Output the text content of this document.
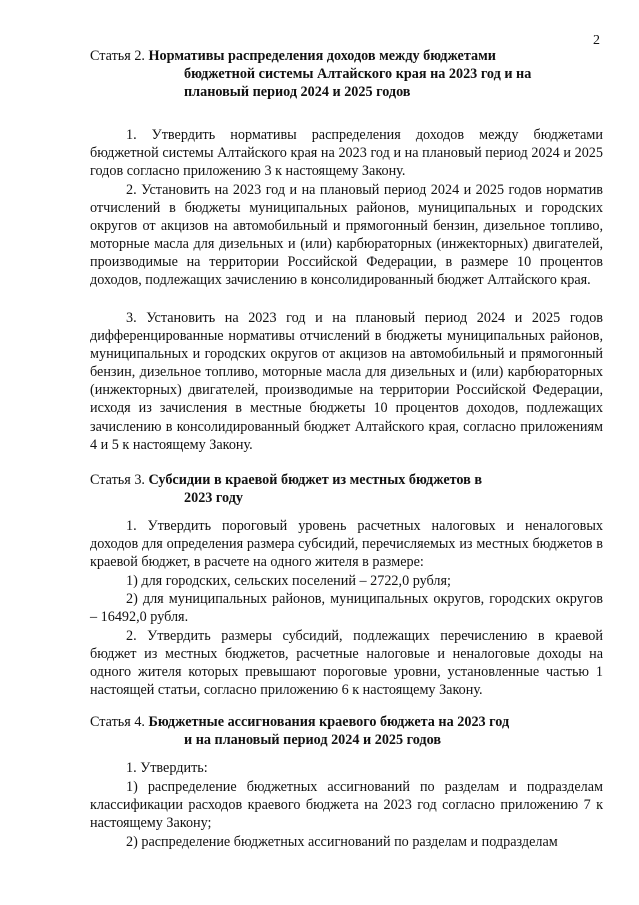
2
Статья 2. Нормативы распределения доходов между бюджетами
бюджетной системы Алтайского края на 2023 год и на
плановый период 2024 и 2025 годов

1. Утвердить нормативы распределения доходов между бюджетами бюджетной системы Алтайского края на 2023 год и на плановый период 2024 и 2025 годов согласно приложению 3 к настоящему Закону.

2. Установить на 2023 год и на плановый период 2024 и 2025 годов норматив отчислений в бюджеты муниципальных районов, муниципальных и городских округов от акцизов на автомобильный и прямогонный бензин, дизельное топливо, моторные масла для дизельных и (или) карбюраторных (инжекторных) двигателей, производимые на территории Российской Федерации, в размере 10 процентов доходов, подлежащих зачислению в консолидированный бюджет Алтайского края.

3. Установить на 2023 год и на плановый период 2024 и 2025 годов дифференцированные нормативы отчислений в бюджеты муниципальных районов, муниципальных и городских округов от акцизов на автомобильный и прямогонный бензин, дизельное топливо, моторные масла для дизельных и (или) карбюраторных (инжекторных) двигателей, производимые на территории Российской Федерации, исходя из зачисления в местные бюджеты 10 процентов доходов, подлежащих зачислению в консолидированный бюджет Алтайского края, согласно приложениям 4 и 5 к настоящему Закону.

Статья 3. Субсидии в краевой бюджет из местных бюджетов в
2023 году

1. Утвердить пороговый уровень расчетных налоговых и неналоговых доходов для определения размера субсидий, перечисляемых из местных бюджетов в краевой бюджет, в расчете на одного жителя в размере:

1) для городских, сельских поселений – 2722,0 рубля;

2) для муниципальных районов, муниципальных округов, городских округов – 16492,0 рубля.

2. Утвердить размеры субсидий, подлежащих перечислению в краевой бюджет из местных бюджетов, расчетные налоговые и неналоговые доходы на одного жителя которых превышают пороговые уровни, установленные частью 1 настоящей статьи, согласно приложению 6 к настоящему Закону.

Статья 4. Бюджетные ассигнования краевого бюджета на 2023 год
и на плановый период 2024 и 2025 годов

1. Утвердить:

1) распределение бюджетных ассигнований по разделам и подразделам классификации расходов краевого бюджета на 2023 год согласно приложению 7 к настоящему Закону;

2) распределение бюджетных ассигнований по разделам и подразделам
